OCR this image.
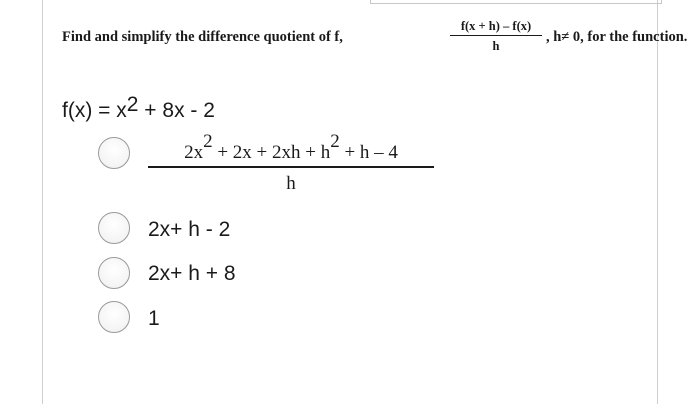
Find and simplify the difference quotient of f,
f(x + h) – f(x)
h
, h≠ 0, for the function.
$f(x) = x^2 + 8x - 2$
$2x^2 + 2x + 2xh + h^2 + h - 4$
h
2x+ h - 2
2x+ h + 8
1
